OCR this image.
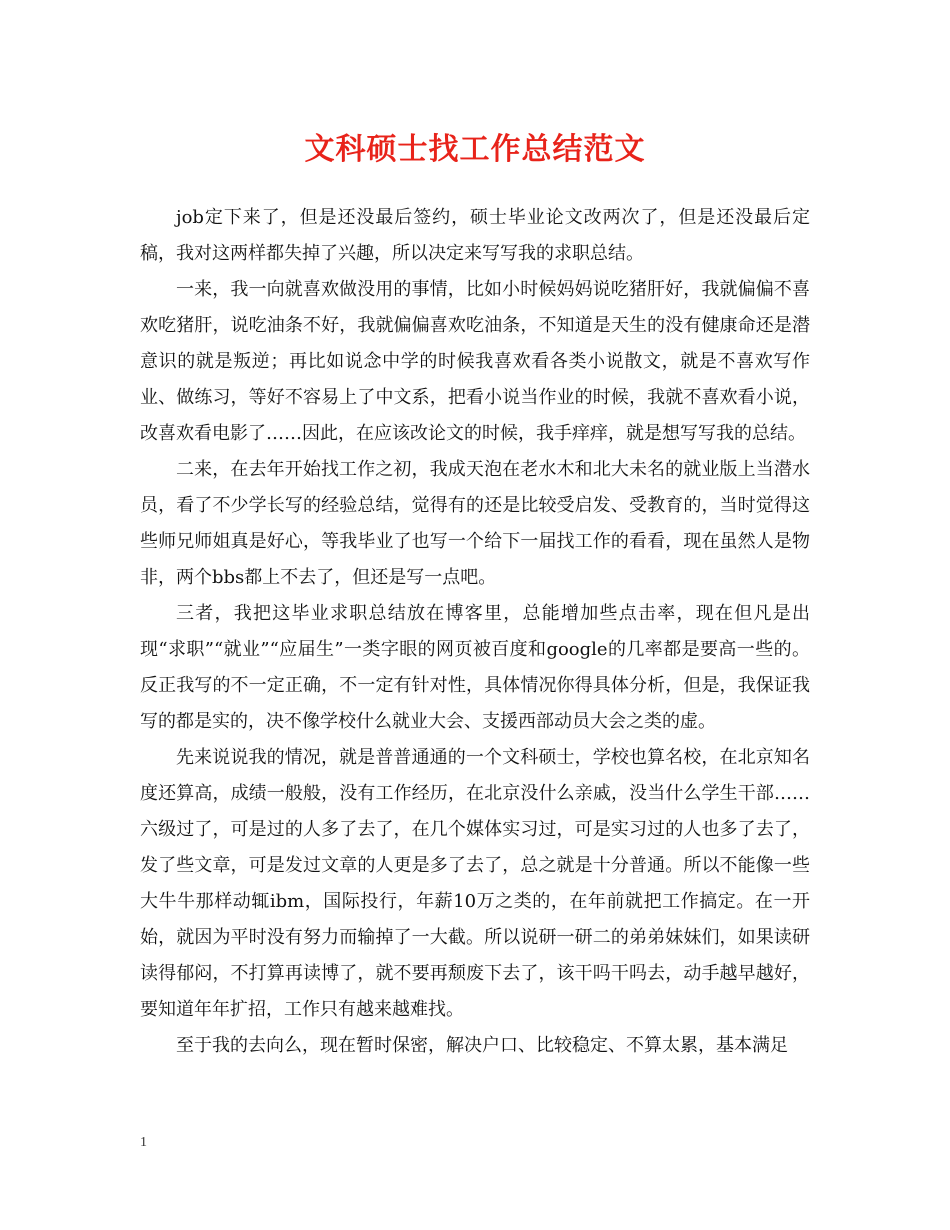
文科硕士找工作总结范文

job定下来了，但是还没最后签约，硕士毕业论文改两次了，但是还没最后定稿，我对这两样都失掉了兴趣，所以决定来写写我的求职总结。

一来，我一向就喜欢做没用的事情，比如小时候妈妈说吃猪肝好，我就偏偏不喜欢吃猪肝，说吃油条不好，我就偏偏喜欢吃油条，不知道是天生的没有健康命还是潜意识的就是叛逆；再比如说念中学的时候我喜欢看各类小说散文，就是不喜欢写作业、做练习，等好不容易上了中文系，把看小说当作业的时候，我就不喜欢看小说，改喜欢看电影了……因此，在应该改论文的时候，我手痒痒，就是想写写我的总结。

二来，在去年开始找工作之初，我成天泡在老水木和北大未名的就业版上当潜水员，看了不少学长写的经验总结，觉得有的还是比较受启发、受教育的，当时觉得这些师兄师姐真是好心，等我毕业了也写一个给下一届找工作的看看，现在虽然人是物非，两个bbs都上不去了，但还是写一点吧。

三者，我把这毕业求职总结放在博客里，总能增加些点击率，现在但凡是出现“求职”“就业”“应届生”一类字眼的网页被百度和google的几率都是要高一些的。反正我写的不一定正确，不一定有针对性，具体情况你得具体分析，但是，我保证我写的都是实的，决不像学校什么就业大会、支援西部动员大会之类的虚。

先来说说我的情况，就是普普通通的一个文科硕士，学校也算名校，在北京知名度还算高，成绩一般般，没有工作经历，在北京没什么亲戚，没当什么学生干部……六级过了，可是过的人多了去了，在几个媒体实习过，可是实习过的人也多了去了，发了些文章，可是发过文章的人更是多了去了，总之就是十分普通。所以不能像一些大牛牛那样动辄ibm，国际投行，年薪10万之类的，在年前就把工作搞定。在一开始，就因为平时没有努力而输掉了一大截。所以说研一研二的弟弟妹妹们，如果读研读得郁闷，不打算再读博了，就不要再颓废下去了，该干吗干吗去，动手越早越好，要知道年年扩招，工作只有越来越难找。

至于我的去向么，现在暂时保密，解决户口、比较稳定、不算太累，基本满足

1
